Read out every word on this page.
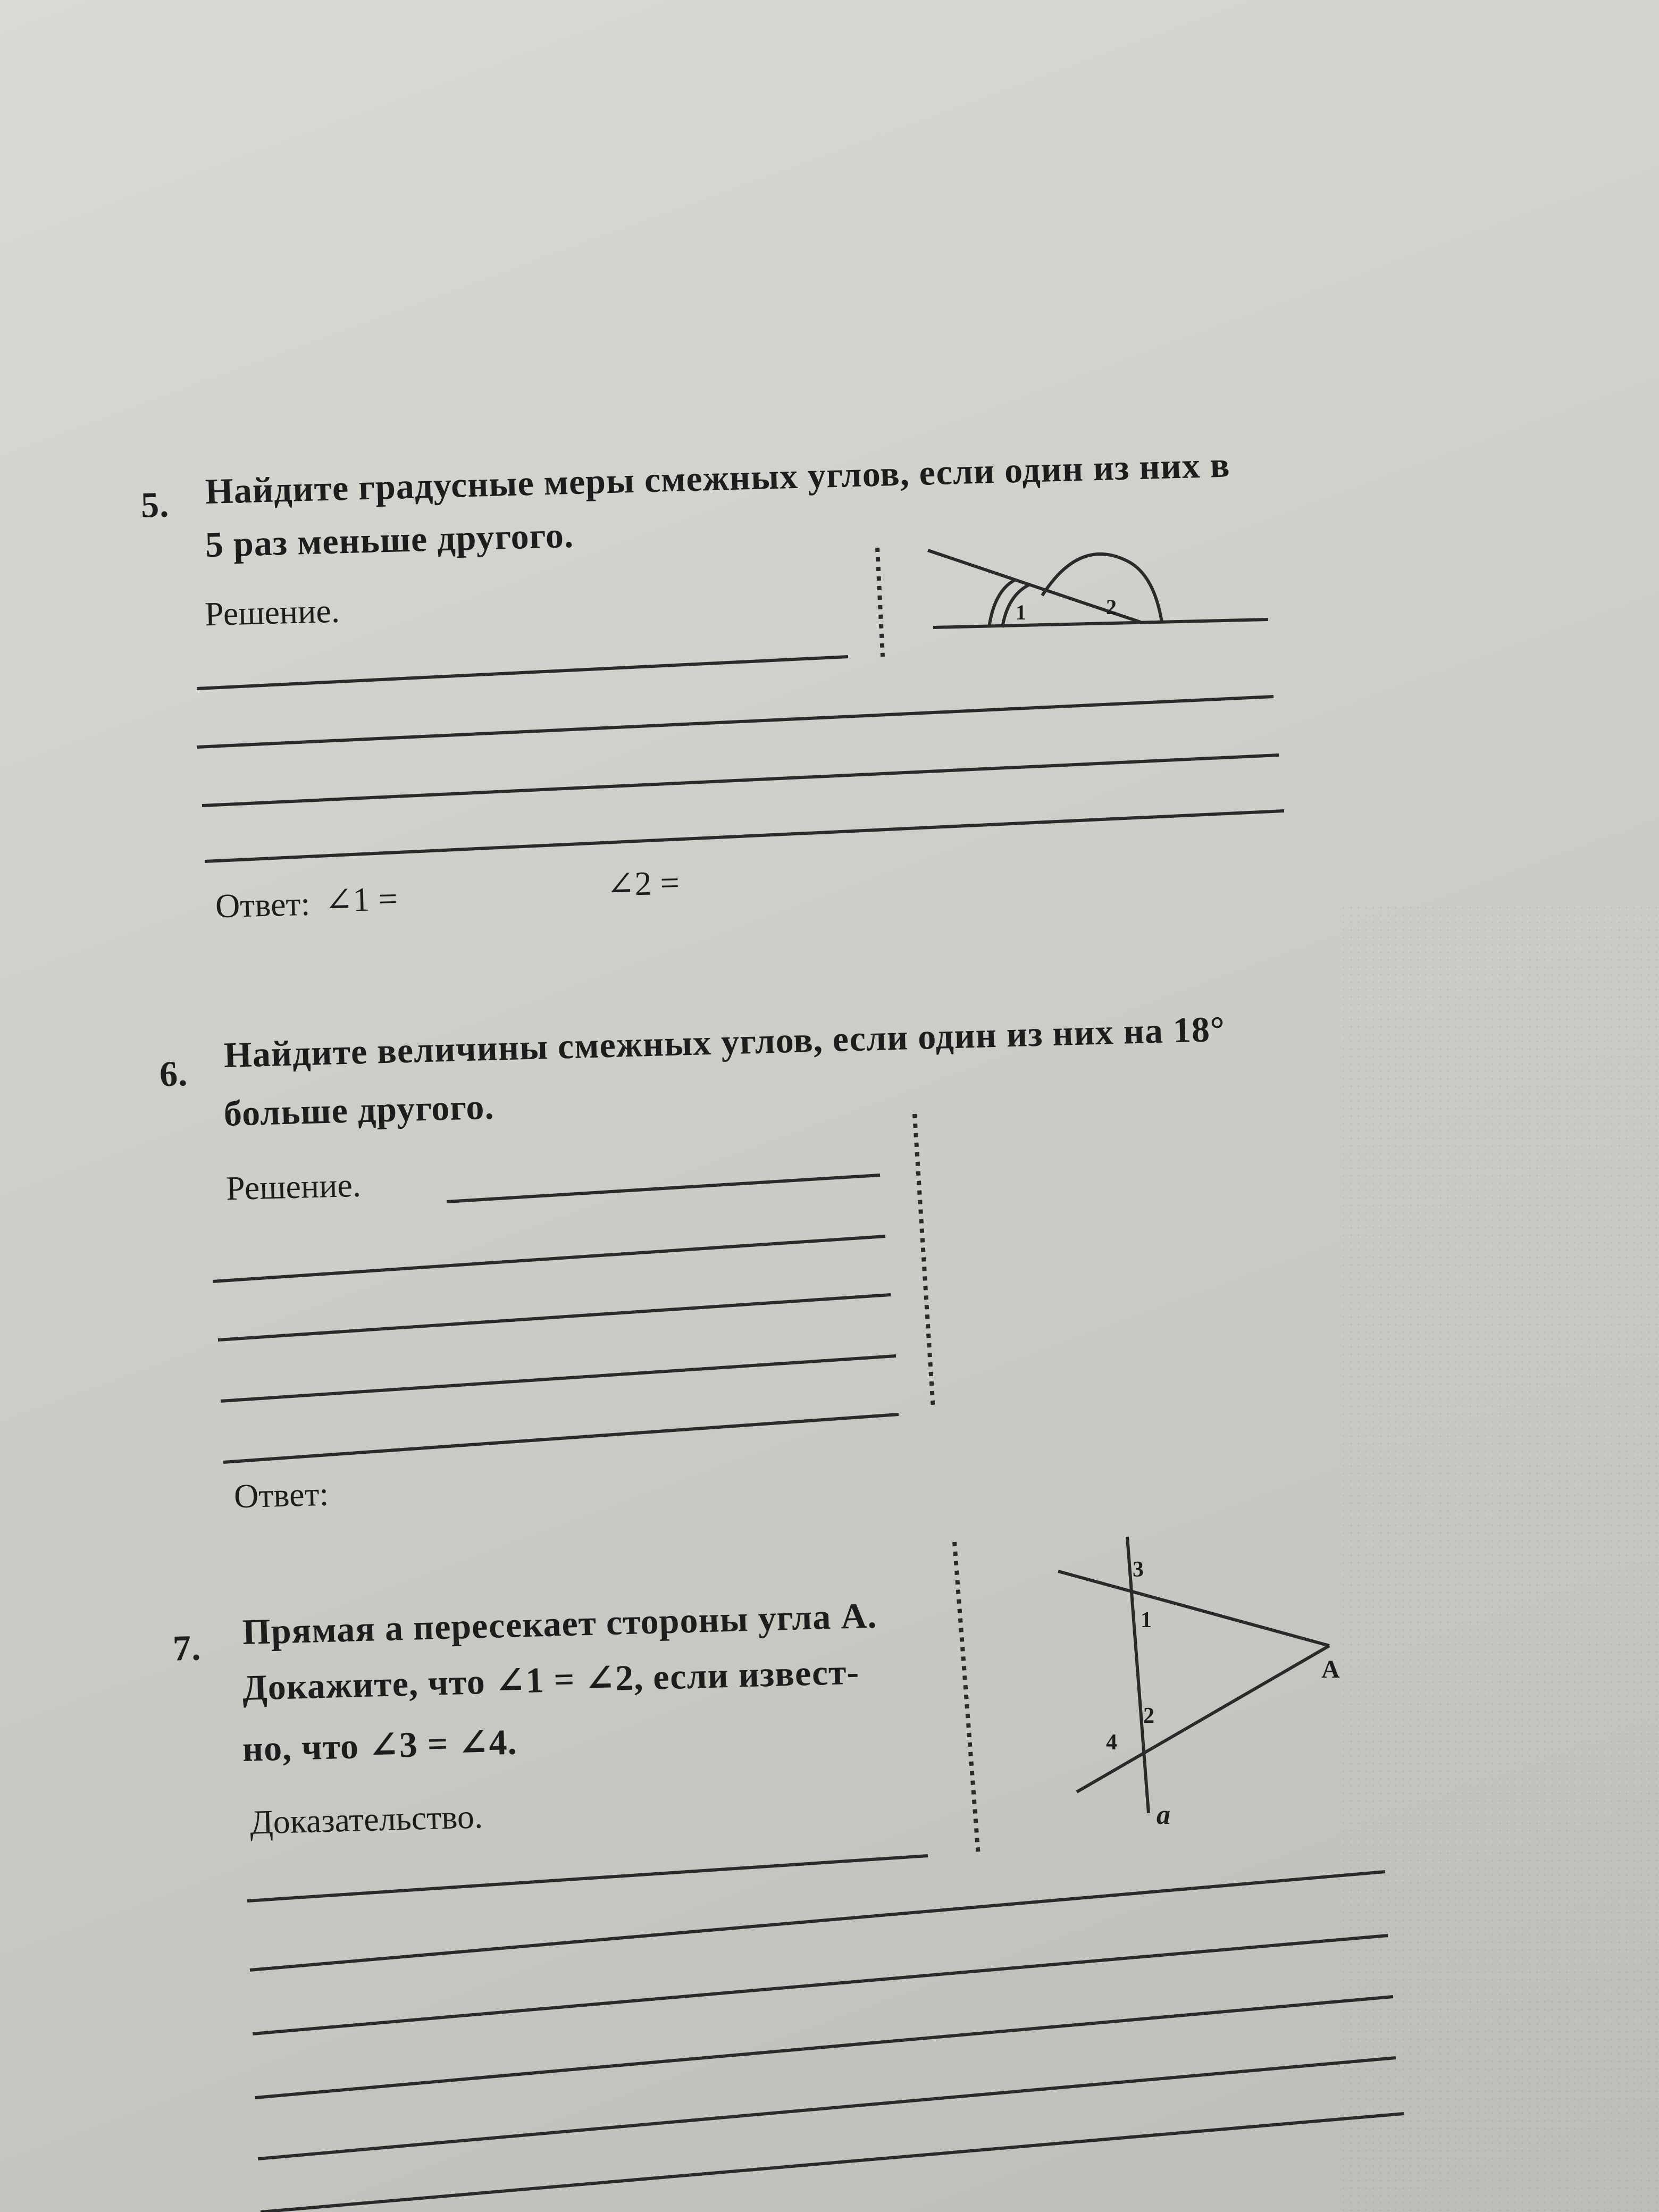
5. Найдите градусные меры смежных углов, если один из них в
5 раз меньше другого.
Решение.
Ответ: ∠1 =	∠2 =
6. Найдите величины смежных углов, если один из них на 18°
больше другого.
Решение.
Ответ:
7. Прямая a пересекает стороны угла A.
Докажите, что ∠1 = ∠2, если извест-
но, что ∠3 = ∠4.
Доказательство.
1	2
3
1
2
4
A
a
